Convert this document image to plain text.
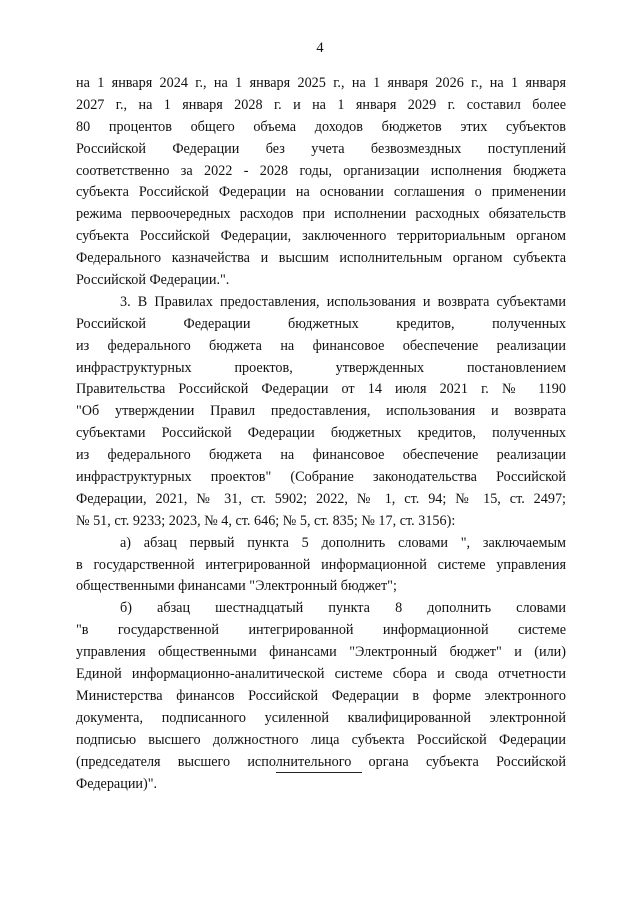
4
на 1 января 2024 г., на 1 января 2025 г., на 1 января 2026 г., на 1 января
2027 г., на 1 января 2028 г. и на 1 января 2029 г. составил более
80 процентов общего объема доходов бюджетов этих субъектов
Российской Федерации без учета безвозмездных поступлений
соответственно за 2022 - 2028 годы, организации исполнения бюджета
субъекта Российской Федерации на основании соглашения о применении
режима первоочередных расходов при исполнении расходных обязательств
субъекта Российской Федерации, заключенного территориальным органом
Федерального казначейства и высшим исполнительным органом субъекта
Российской Федерации.".
3. В Правилах предоставления, использования и возврата субъектами
Российской Федерации бюджетных кредитов, полученных
из федерального бюджета на финансовое обеспечение реализации
инфраструктурных проектов, утвержденных постановлением
Правительства Российской Федерации от 14 июля 2021 г. № 1190
"Об утверждении Правил предоставления, использования и возврата
субъектами Российской Федерации бюджетных кредитов, полученных
из федерального бюджета на финансовое обеспечение реализации
инфраструктурных проектов" (Собрание законодательства Российской
Федерации, 2021, № 31, ст. 5902; 2022, № 1, ст. 94; № 15, ст. 2497;
№ 51, ст. 9233; 2023, № 4, ст. 646; № 5, ст. 835; № 17, ст. 3156):
а) абзац первый пункта 5 дополнить словами ", заключаемым
в государственной интегрированной информационной системе управления
общественными финансами "Электронный бюджет";
б) абзац шестнадцатый пункта 8 дополнить словами
"в государственной интегрированной информационной системе
управления общественными финансами "Электронный бюджет" и (или)
Единой информационно-аналитической системе сбора и свода отчетности
Министерства финансов Российской Федерации в форме электронного
документа, подписанного усиленной квалифицированной электронной
подписью высшего должностного лица субъекта Российской Федерации
(председателя высшего исполнительного органа субъекта Российской
Федерации)".
